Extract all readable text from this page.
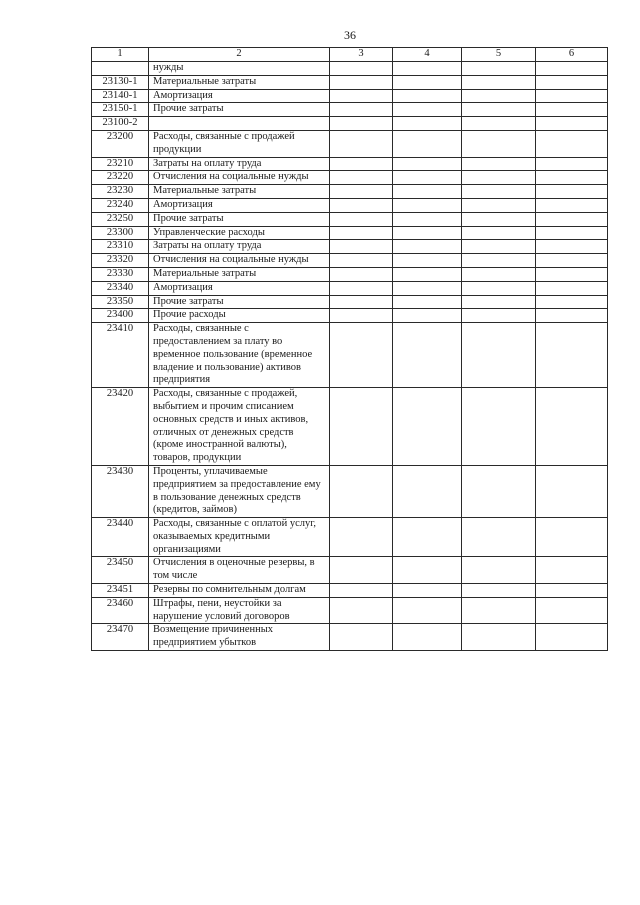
36
1	2	3	4	5	6
	нужды				
23130-1	Материальные затраты				
23140-1	Амортизация				
23150-1	Прочие затраты				
23100-2					
23200	Расходы, связанные с продажей продукции				
23210	Затраты на оплату труда				
23220	Отчисления на социальные нужды				
23230	Материальные затраты				
23240	Амортизация				
23250	Прочие затраты				
23300	Управленческие расходы				
23310	Затраты на оплату труда				
23320	Отчисления на социальные нужды				
23330	Материальные затраты				
23340	Амортизация				
23350	Прочие затраты				
23400	Прочие расходы				
23410	Расходы, связанные с предоставлением за плату во временное пользование (временное владение и пользование) активов предприятия				
23420	Расходы, связанные с продажей, выбытием и прочим списанием основных средств и иных активов, отличных от денежных средств (кроме иностранной валюты), товаров, продукции				
23430	Проценты, уплачиваемые предприятием за предоставление ему в пользование денежных средств (кредитов, займов)				
23440	Расходы, связанные с оплатой услуг, оказываемых кредитными организациями				
23450	Отчисления в оценочные резервы, в том числе				
23451	Резервы по сомнительным долгам				
23460	Штрафы, пени, неустойки за нарушение условий договоров				
23470	Возмещение причиненных предприятием убытков				
